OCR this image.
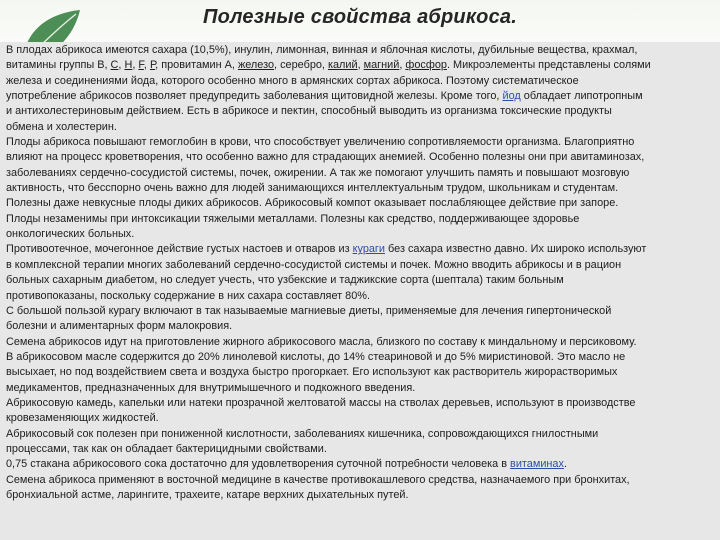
Полезные свойства абрикоса.
В плодах абрикоса имеются сахара (10,5%), инулин, лимонная, винная и яблочная кислоты, дубильные вещества, крахмал,
витамины группы В, С, Н, F, Р, провитамин А, железо, серебро, калий, магний, фосфор. Микроэлементы представлены солями
железа и соединениями йода, которого особенно много в армянских сортах абрикоса. Поэтому систематическое
употребление абрикосов позволяет предупредить заболевания щитовидной железы. Кроме того, йод обладает липотропным
и антихолестериновым действием. Есть в абрикосе и пектин, способный выводить из организма токсические продукты
обмена и холестерин.
Плоды абрикоса повышают гемоглобин в крови, что способствует увеличению сопротивляемости организма. Благоприятно
влияют на процесс кроветворения, что особенно важно для страдающих анемией. Особенно полезны они при авитаминозах,
заболеваниях сердечно-сосудистой системы, почек, ожирении. А так же помогают улучшить память и повышают мозговую
активность, что бесспорно очень важно для людей занимающихся интеллектуальным трудом, школьникам и студентам.
Полезны даже невкусные плоды диких абрикосов. Абрикосовый компот оказывает послабляющее действие при запоре.
Плоды незаменимы при интоксикации тяжелыми металлами. Полезны как средство, поддерживающее здоровье
онкологических больных.
Противоотечное, мочегонное действие густых настоев и отваров из кураги без сахара известно давно. Их широко используют
в комплексной терапии многих заболеваний сердечно-сосудистой системы и почек. Можно вводить абрикосы и в рацион
больных сахарным диабетом, но следует учесть, что узбекские и таджикские сорта (шептала) таким больным
противопоказаны, поскольку содержание в них сахара составляет 80%.
С большой пользой курагу включают в так называемые магниевые диеты, применяемые для лечения гипертонической
болезни и алиментарных форм малокровия.
Семена абрикосов идут на приготовление жирного абрикосового масла, близкого по составу к миндальному и персиковому.
В абрикосовом масле содержится до 20% линолевой кислоты, до 14% стеариновой и до 5% миристиновой. Это масло не
высыхает, но под воздействием света и воздуха быстро прогоркает. Его используют как растворитель жирорастворимых
медикаментов, предназначенных для внутримышечного и подкожного введения.
Абрикосовую камедь, капельки или натеки прозрачной желтоватой массы на стволах деревьев, используют в производстве
кровезаменяющих жидкостей.
Абрикосовый сок полезен при пониженной кислотности, заболеваниях кишечника, сопровождающихся гнилостными
процессами, так как он обладает бактерицидными свойствами.
0,75 стакана абрикосового сока достаточно для удовлетворения суточной потребности человека в витаминах.
Семена абрикоса применяют в восточной медицине в качестве противокашлевого средства, назначаемого при бронхитах,
бронхиальной астме, ларингите, трахеите, катаре верхних дыхательных путей.
